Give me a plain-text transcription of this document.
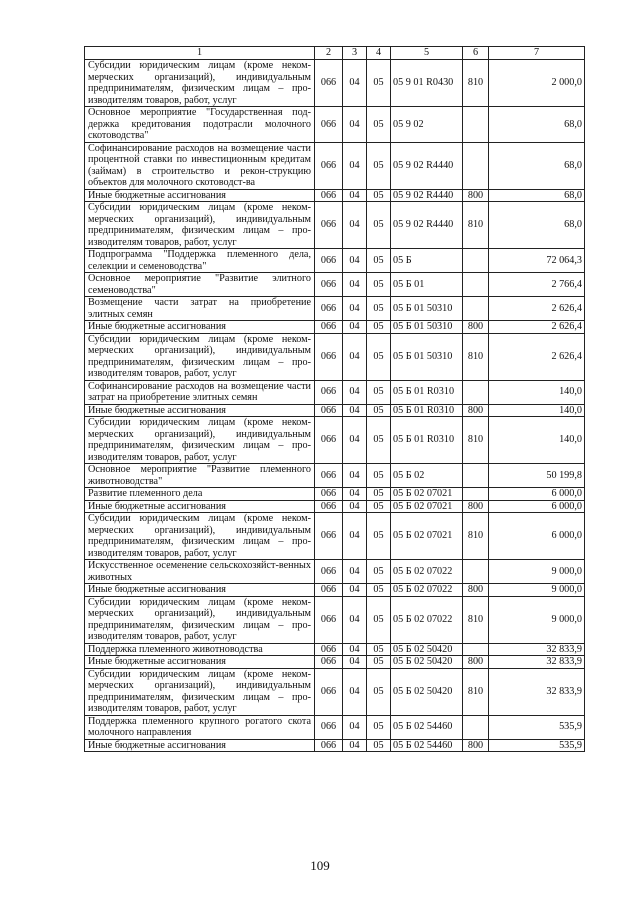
1	2	3	4	5	6	7
Субсидии юридическим лицам (кроме неком-мерческих организаций), индивидуальным предпринимателям, физическим лицам – про-изводителям товаров, работ, услуг	066	04	05	05 9 01 R0430	810	2 000,0
Основное мероприятие "Государственная под-держка кредитования подотрасли молочного скотоводства"	066	04	05	05 9 02		68,0
Софинансирование расходов на возмещение части процентной ставки по инвестиционным кредитам (займам) в строительство и рекон-струкцию объектов для молочного скотоводст-ва	066	04	05	05 9 02 R4440		68,0
Иные бюджетные ассигнования	066	04	05	05 9 02 R4440	800	68,0
Субсидии юридическим лицам (кроме неком-мерческих организаций), индивидуальным предпринимателям, физическим лицам – про-изводителям товаров, работ, услуг	066	04	05	05 9 02 R4440	810	68,0
Подпрограмма "Поддержка племенного дела, селекции и семеноводства"	066	04	05	05 Б		72 064,3
Основное мероприятие "Развитие элитного семеноводства"	066	04	05	05 Б 01		2 766,4
Возмещение части затрат на приобретение элитных семян	066	04	05	05 Б 01 50310		2 626,4
Иные бюджетные ассигнования	066	04	05	05 Б 01 50310	800	2 626,4
Субсидии юридическим лицам (кроме неком-мерческих организаций), индивидуальным предпринимателям, физическим лицам – про-изводителям товаров, работ, услуг	066	04	05	05 Б 01 50310	810	2 626,4
Софинансирование расходов на возмещение части затрат на приобретение элитных семян	066	04	05	05 Б 01 R0310		140,0
Иные бюджетные ассигнования	066	04	05	05 Б 01 R0310	800	140,0
Субсидии юридическим лицам (кроме неком-мерческих организаций), индивидуальным предпринимателям, физическим лицам – про-изводителям товаров, работ, услуг	066	04	05	05 Б 01 R0310	810	140,0
Основное мероприятие "Развитие племенного животноводства"	066	04	05	05 Б 02		50 199,8
Развитие племенного дела	066	04	05	05 Б 02 07021		6 000,0
Иные бюджетные ассигнования	066	04	05	05 Б 02 07021	800	6 000,0
Субсидии юридическим лицам (кроме неком-мерческих организаций), индивидуальным предпринимателям, физическим лицам – про-изводителям товаров, работ, услуг	066	04	05	05 Б 02 07021	810	6 000,0
Искусственное осеменение сельскохозяйст-венных животных	066	04	05	05 Б 02 07022		9 000,0
Иные бюджетные ассигнования	066	04	05	05 Б 02 07022	800	9 000,0
Субсидии юридическим лицам (кроме неком-мерческих организаций), индивидуальным предпринимателям, физическим лицам – про-изводителям товаров, работ, услуг	066	04	05	05 Б 02 07022	810	9 000,0
Поддержка племенного животноводства	066	04	05	05 Б 02 50420		32 833,9
Иные бюджетные ассигнования	066	04	05	05 Б 02 50420	800	32 833,9
Субсидии юридическим лицам (кроме неком-мерческих организаций), индивидуальным предпринимателям, физическим лицам – про-изводителям товаров, работ, услуг	066	04	05	05 Б 02 50420	810	32 833,9
Поддержка племенного крупного рогатого скота молочного направления	066	04	05	05 Б 02 54460		535,9
Иные бюджетные ассигнования	066	04	05	05 Б 02 54460	800	535,9
109
